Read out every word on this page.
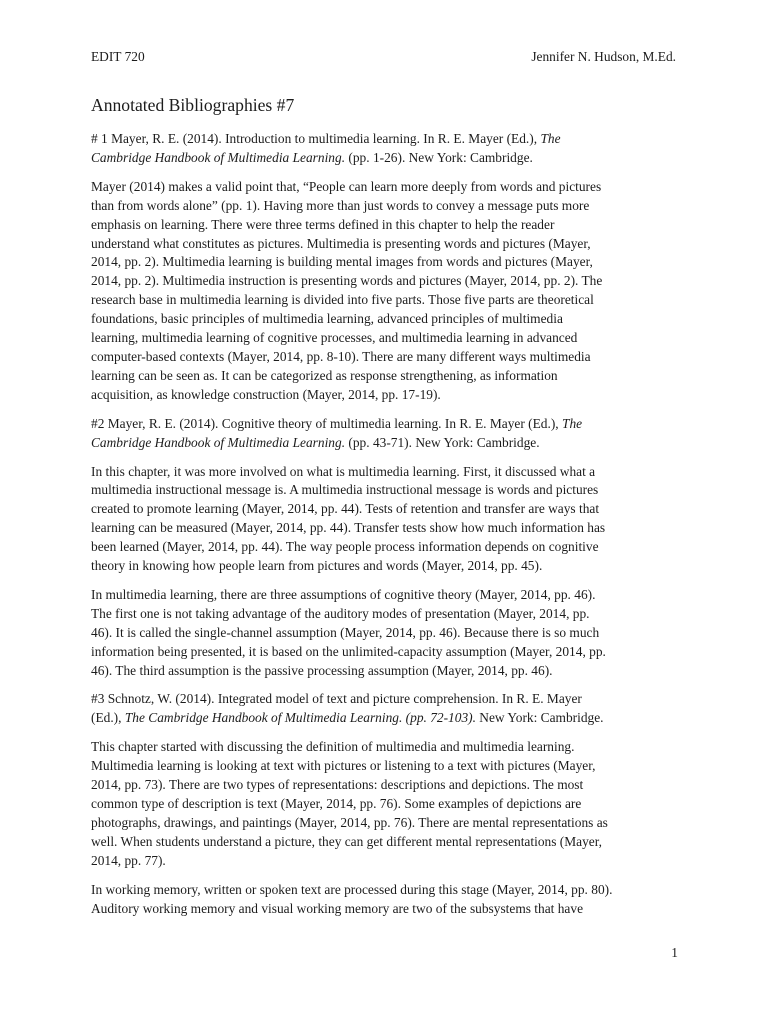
EDIT 720	Jennifer N. Hudson, M.Ed.
Annotated Bibliographies #7
# 1 Mayer, R. E. (2014). Introduction to multimedia learning. In R. E. Mayer (Ed.), The
Cambridge Handbook of Multimedia Learning. (pp. 1-26). New York: Cambridge.
Mayer (2014) makes a valid point that, “People can learn more deeply from words and pictures
than from words alone” (pp. 1). Having more than just words to convey a message puts more
emphasis on learning. There were three terms defined in this chapter to help the reader
understand what constitutes as pictures. Multimedia is presenting words and pictures (Mayer,
2014, pp. 2). Multimedia learning is building mental images from words and pictures (Mayer,
2014, pp. 2). Multimedia instruction is presenting words and pictures (Mayer, 2014, pp. 2). The
research base in multimedia learning is divided into five parts. Those five parts are theoretical
foundations, basic principles of multimedia learning, advanced principles of multimedia
learning, multimedia learning of cognitive processes, and multimedia learning in advanced
computer-based contexts (Mayer, 2014, pp. 8-10). There are many different ways multimedia
learning can be seen as. It can be categorized as response strengthening, as information
acquisition, as knowledge construction (Mayer, 2014, pp. 17-19).
#2 Mayer, R. E. (2014). Cognitive theory of multimedia learning. In R. E. Mayer (Ed.), The
Cambridge Handbook of Multimedia Learning. (pp. 43-71). New York: Cambridge.
In this chapter, it was more involved on what is multimedia learning. First, it discussed what a
multimedia instructional message is. A multimedia instructional message is words and pictures
created to promote learning (Mayer, 2014, pp. 44). Tests of retention and transfer are ways that
learning can be measured (Mayer, 2014, pp. 44). Transfer tests show how much information has
been learned (Mayer, 2014, pp. 44). The way people process information depends on cognitive
theory in knowing how people learn from pictures and words (Mayer, 2014, pp. 45).
In multimedia learning, there are three assumptions of cognitive theory (Mayer, 2014, pp. 46).
The first one is not taking advantage of the auditory modes of presentation (Mayer, 2014, pp.
46). It is called the single-channel assumption (Mayer, 2014, pp. 46). Because there is so much
information being presented, it is based on the unlimited-capacity assumption (Mayer, 2014, pp.
46). The third assumption is the passive processing assumption (Mayer, 2014, pp. 46).
#3 Schnotz, W. (2014). Integrated model of text and picture comprehension. In R. E. Mayer
(Ed.), The Cambridge Handbook of Multimedia Learning. (pp. 72-103). New York: Cambridge.
This chapter started with discussing the definition of multimedia and multimedia learning.
Multimedia learning is looking at text with pictures or listening to a text with pictures (Mayer,
2014, pp. 73). There are two types of representations: descriptions and depictions. The most
common type of description is text (Mayer, 2014, pp. 76). Some examples of depictions are
photographs, drawings, and paintings (Mayer, 2014, pp. 76). There are mental representations as
well. When students understand a picture, they can get different mental representations (Mayer,
2014, pp. 77).
In working memory, written or spoken text are processed during this stage (Mayer, 2014, pp. 80).
Auditory working memory and visual working memory are two of the subsystems that have
1
